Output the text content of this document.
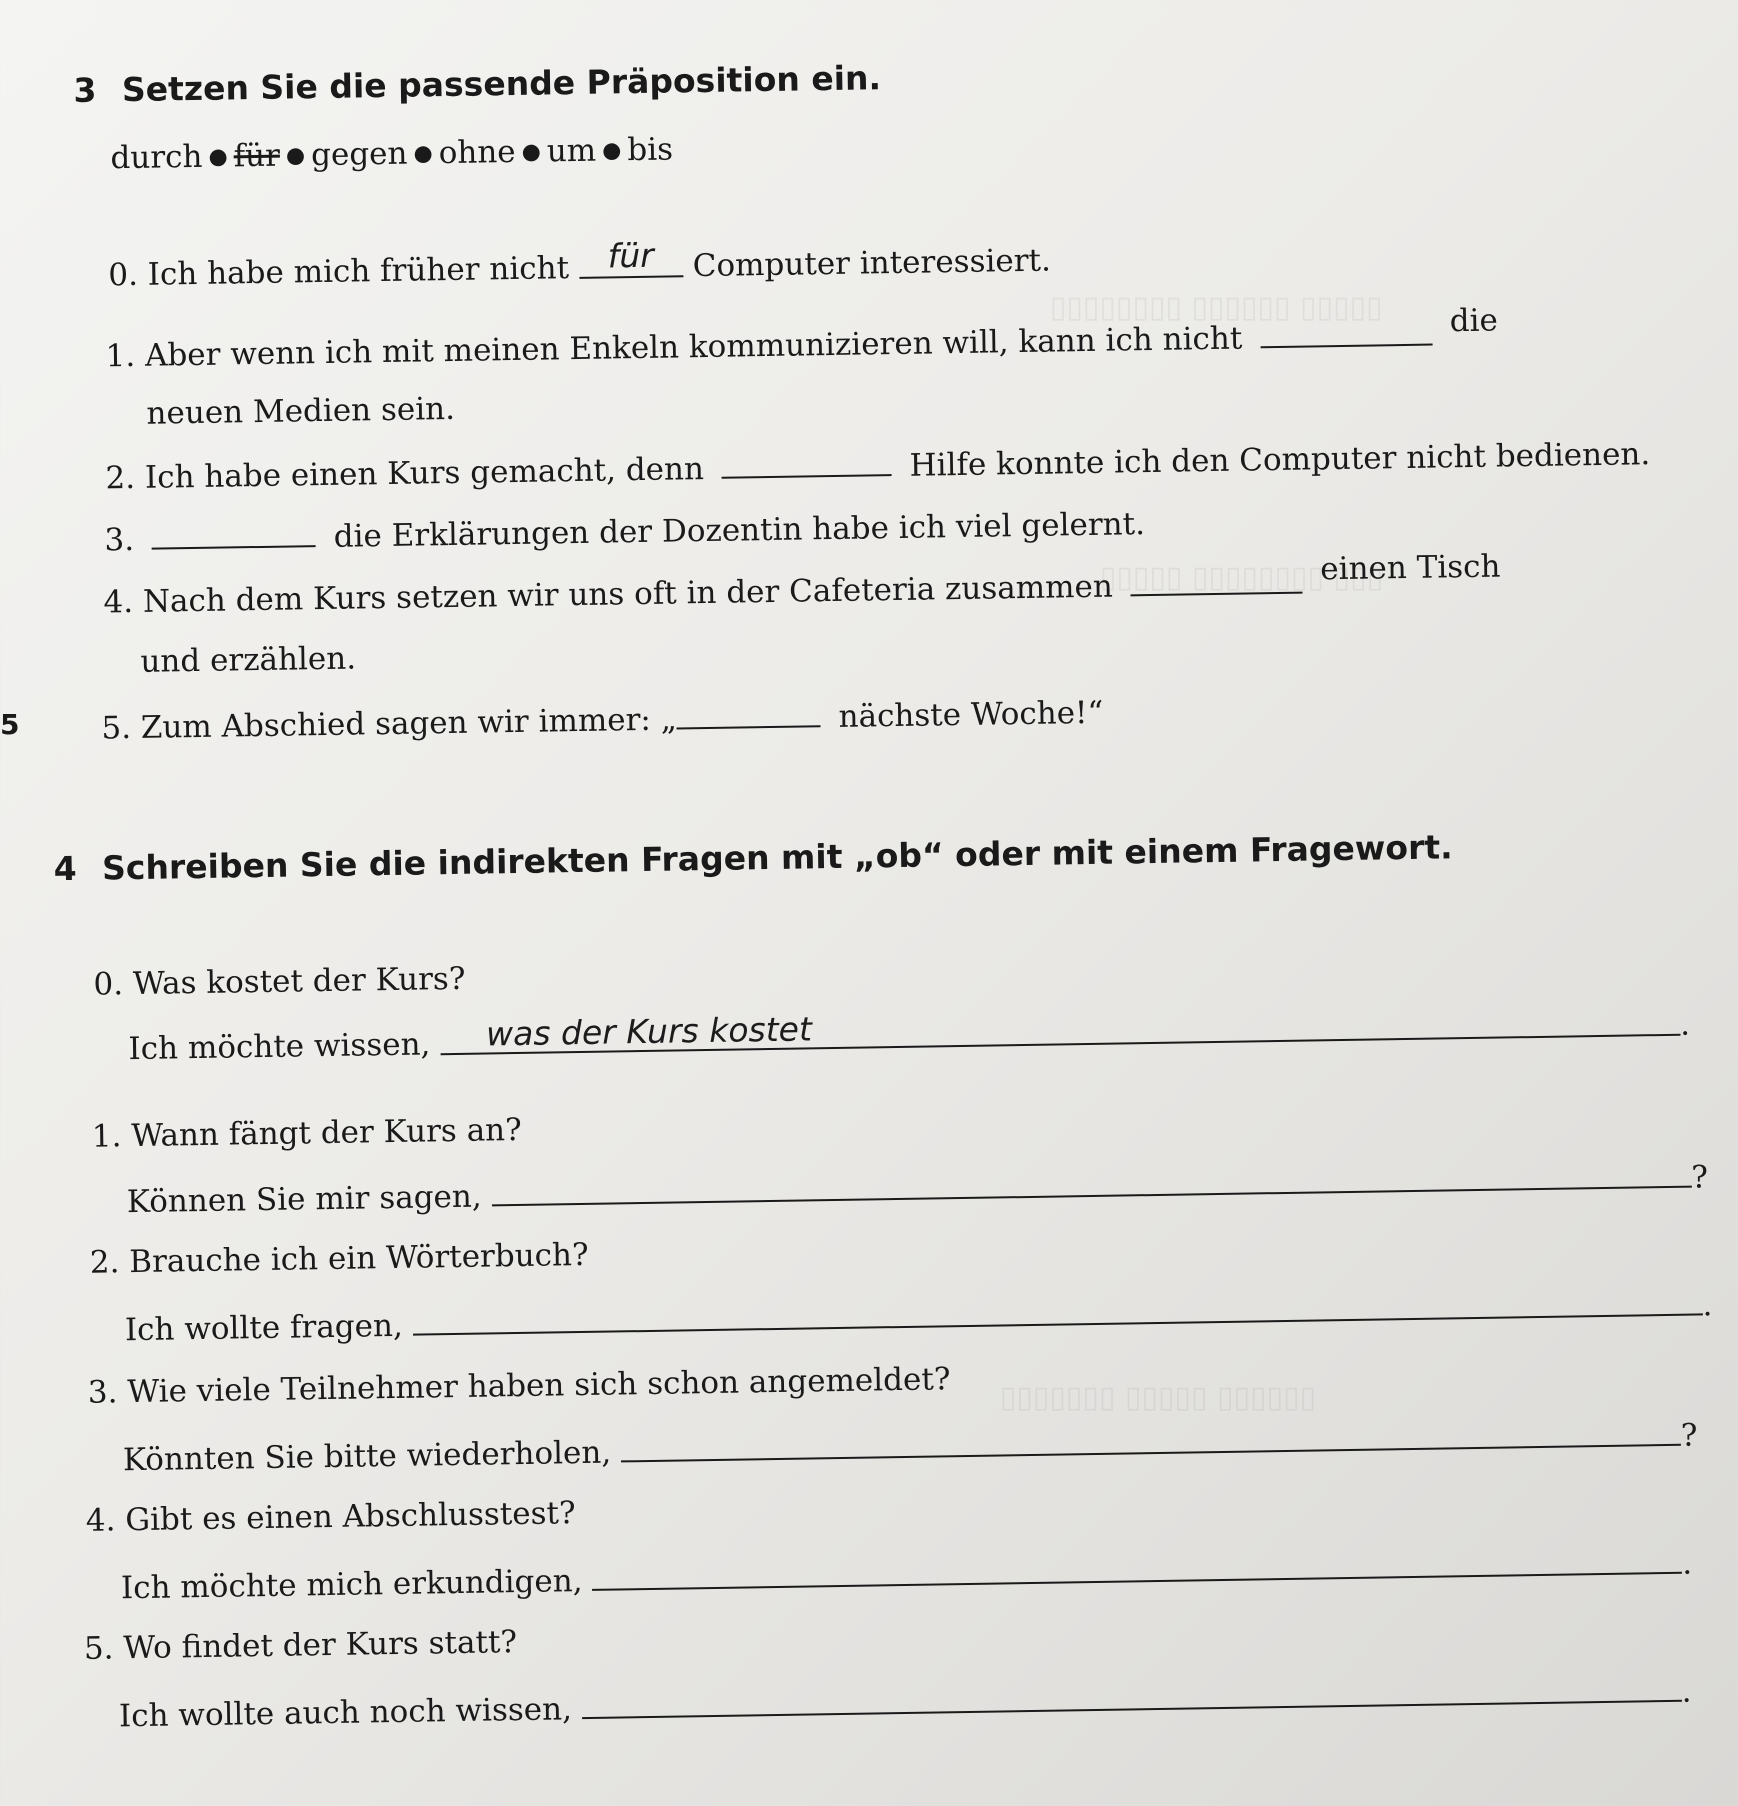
▯▯▯▯▯ ▯▯▯▯▯▯ ▯▯▯▯▯▯▯▯
▯▯▯ ▯▯▯▯▯▯▯▯ ▯▯▯▯▯
▯▯▯▯▯▯ ▯▯▯▯▯ ▯▯▯▯▯▯▯
3 Setzen Sie die passende Präposition ein.
durch ● für ● gegen ● ohne ● um ● bis
0. Ich habe mich früher nicht für Computer interessiert.
1. Aber wenn ich mit meinen Enkeln kommunizieren will, kann ich nicht	die
neuen Medien sein.
2. Ich habe einen Kurs gemacht, denn	Hilfe konnte ich den Computer nicht bedienen.
3.	die Erklärungen der Dozentin habe ich viel gelernt.
4. Nach dem Kurs setzen wir uns oft in der Cafeteria zusammen  einen Tisch
und erzählen.
5. Zum Abschied sagen wir immer: „	nächste Woche!“
4 Schreiben Sie die indirekten Fragen mit „ob“ oder mit einem Fragewort.
0. Was kostet der Kurs?
Ich möchte wissen, was der Kurs kostet	.
1. Wann fängt der Kurs an?
Können Sie mir sagen, ?
2. Brauche ich ein Wörterbuch?
Ich wollte fragen, .
3. Wie viele Teilnehmer haben sich schon angemeldet?
Könnten Sie bitte wiederholen,	?
4. Gibt es einen Abschlusstest?
Ich möchte mich erkundigen,	.
5. Wo findet der Kurs statt?
Ich wollte auch noch wissen,	.
5
